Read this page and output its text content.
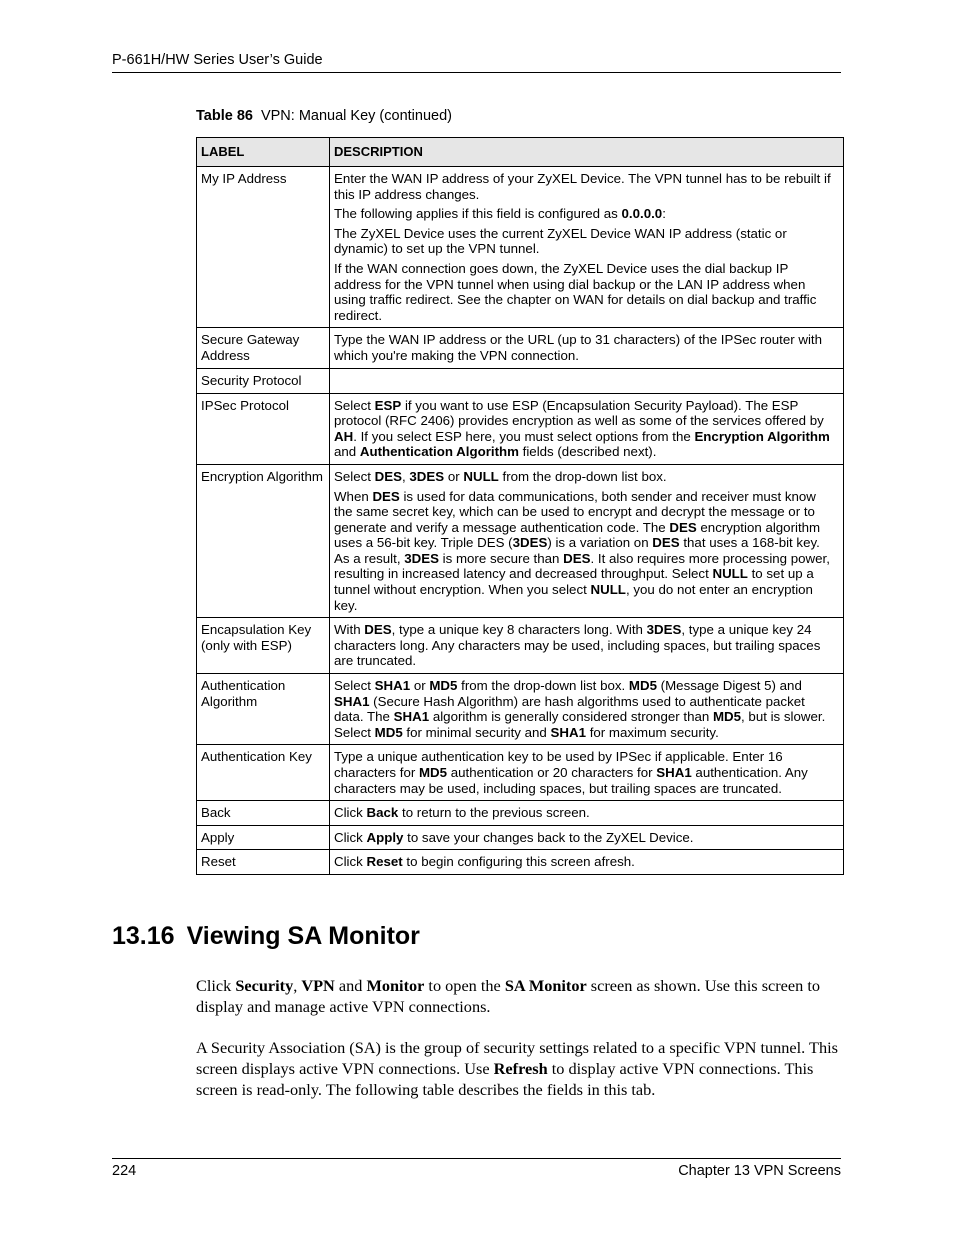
P-661H/HW Series User’s Guide
Table 86 VPN: Manual Key (continued)
LABEL	DESCRIPTION
My IP Address	Enter the WAN IP address of your ZyXEL Device. The VPN tunnel has to be rebuilt if this IP address changes.

The following applies if this field is configured as 0.0.0.0:

The ZyXEL Device uses the current ZyXEL Device WAN IP address (static or dynamic) to set up the VPN tunnel.

If the WAN connection goes down, the ZyXEL Device uses the dial backup IP address for the VPN tunnel when using dial backup or the LAN IP address when using traffic redirect. See the chapter on WAN for details on dial backup and traffic redirect.

Secure Gateway Address	Type the WAN IP address or the URL (up to 31 characters) of the IPSec router with which you're making the VPN connection.

Security Protocol	
IPSec Protocol	Select ESP if you want to use ESP (Encapsulation Security Payload). The ESP protocol (RFC 2406) provides encryption as well as some of the services offered by AH. If you select ESP here, you must select options from the Encryption Algorithm and Authentication Algorithm fields (described next).

Encryption Algorithm	Select DES, 3DES or NULL from the drop-down list box.

When DES is used for data communications, both sender and receiver must know the same secret key, which can be used to encrypt and decrypt the message or to generate and verify a message authentication code. The DES encryption algorithm uses a 56-bit key. Triple DES (3DES) is a variation on DES that uses a 168-bit key. As a result, 3DES is more secure than DES. It also requires more processing power, resulting in increased latency and decreased throughput. Select NULL to set up a tunnel without encryption. When you select NULL, you do not enter an encryption key.

Encapsulation Key (only with ESP)	With DES, type a unique key 8 characters long. With 3DES, type a unique key 24 characters long. Any characters may be used, including spaces, but trailing spaces are truncated.

Authentication Algorithm	Select SHA1 or MD5 from the drop-down list box. MD5 (Message Digest 5) and SHA1 (Secure Hash Algorithm) are hash algorithms used to authenticate packet data. The SHA1 algorithm is generally considered stronger than MD5, but is slower. Select MD5 for minimal security and SHA1 for maximum security.

Authentication Key	Type a unique authentication key to be used by IPSec if applicable. Enter 16 characters for MD5 authentication or 20 characters for SHA1 authentication. Any characters may be used, including spaces, but trailing spaces are truncated.

Back	Click Back to return to the previous screen.

Apply	Click Apply to save your changes back to the ZyXEL Device.

Reset	Click Reset to begin configuring this screen afresh.

13.16 Viewing SA Monitor

Click Security, VPN and Monitor to open the SA Monitor screen as shown. Use this screen to display and manage active VPN connections.

A Security Association (SA) is the group of security settings related to a specific VPN tunnel. This screen displays active VPN connections. Use Refresh to display active VPN connections. This screen is read-only. The following table describes the fields in this tab.

224	Chapter 13 VPN Screens
